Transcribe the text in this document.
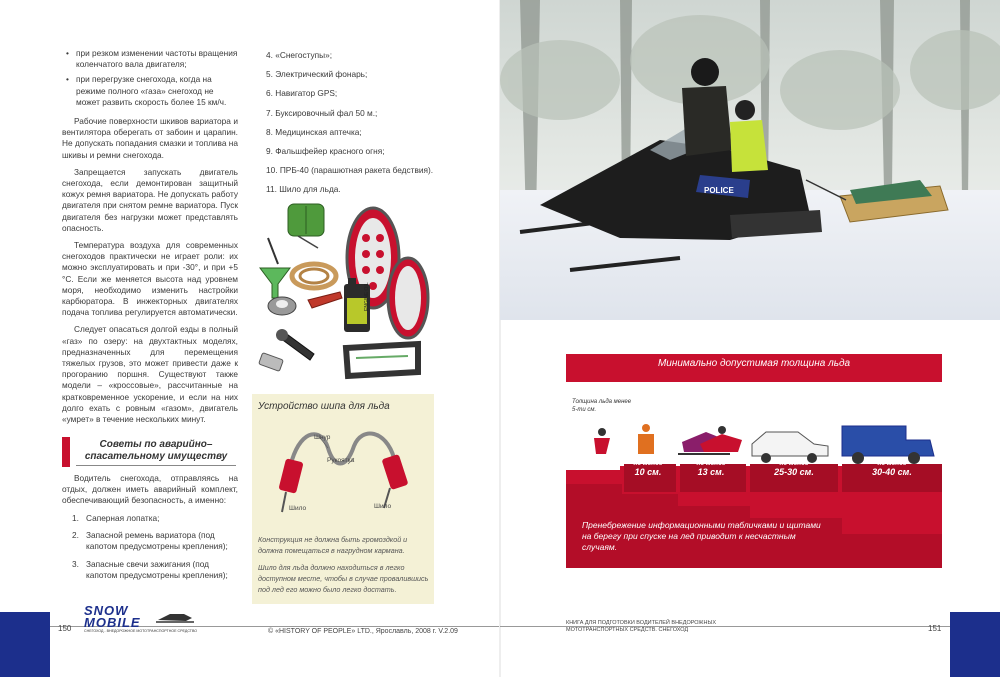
• при резком изменении частоты вращения коленчатого вала двигателя;
• при перегрузке снегохода, когда на режиме полного «газа» снегоход не может развить скорость более 15 км/ч.

Рабочие поверхности шкивов вариатора и вентилятора оберегать от забоин и царапин. Не допускать попадания смазки и топлива на шкивы и ремни снегохода.

Запрещается запускать двигатель снегохода, если демонтирован защитный кожух ремня вариатора. Не допускать работу двигателя при снятом ремне вариатора. Пуск двигателя без нагрузки может представлять опасность.

Температура воздуха для современных снегоходов практически не играет роли: их можно эксплуатировать и при -30°, и при +5 °С. Если же меняется высота над уровнем моря, необходимо изменить настройки карбюратора. В инжекторных двигателях подача топлива регулируется автоматически.

Следует опасаться долгой езды в полный «газ» по озеру: на двухтактных моделях, предназначенных для перемещения тяжелых грузов, это может привести даже к прогоранию поршня. Существуют также модели – «кроссовые», рассчитанные на кратковременное ускорение, и если на них долго ехать с ровным «газом», двигатель «умрет» в течение нескольких минут.

Советы по аварийно–спасательному имуществу

Водитель снегохода, отправляясь на отдых, должен иметь аварийный комплект, обеспечивающий безопасность, а именно:

1. Саперная лопатка;
2. Запасной ремень вариатора (под капотом предусмотрены крепления);
3. Запасные свечи зажигания (под капотом предусмотрены крепления);
4. «Снегоступы»;
5. Электрический фонарь;
6. Навигатор GPS;
7. Буксировочный фал 50 м.;
8. Медицинская аптечка;
9. Фальшфейер красного огня;
10. ПРБ-40 (парашютная ракета бедствия).
11. Шило для льда.
ENGINE OIL
Устройство шипа для льда
Шнур
Рукоятка
Шило	Шило
Конструкция не должна быть громоздкой и должна помещаться в нагрудном кармана.
Шило для льда должно находиться в легко доступном месте, чтобы в случае провалившись под лед его можно было легко достать.
150
SNOW
MOBILE
СНЕГОХОД - ВНЕДОРОЖНОЕ МОТОТРАНСПОРТНОЕ СРЕДСТВО	© «HISTORY OF PEOPLE» LTD., Ярославль, 2008 г. V.2.09
POLICE
Минимально допустимая толщина льда
Толщина льда менее 5-ти см.
не менее
10 см.
не менее
13 см.
не менее
25-30 см.
не менее
30-40 см.
Пренебрежение информационными табличками и щитами на берегу при спуске на лед приводит к несчастным случаям.
КНИГА ДЛЯ ПОДГОТОВКИ ВОДИТЕЛЕЙ ВНЕДОРОЖНЫХ
МОТОТРАНСПОРТНЫХ СРЕДСТВ. СНЕГОХОД	151
